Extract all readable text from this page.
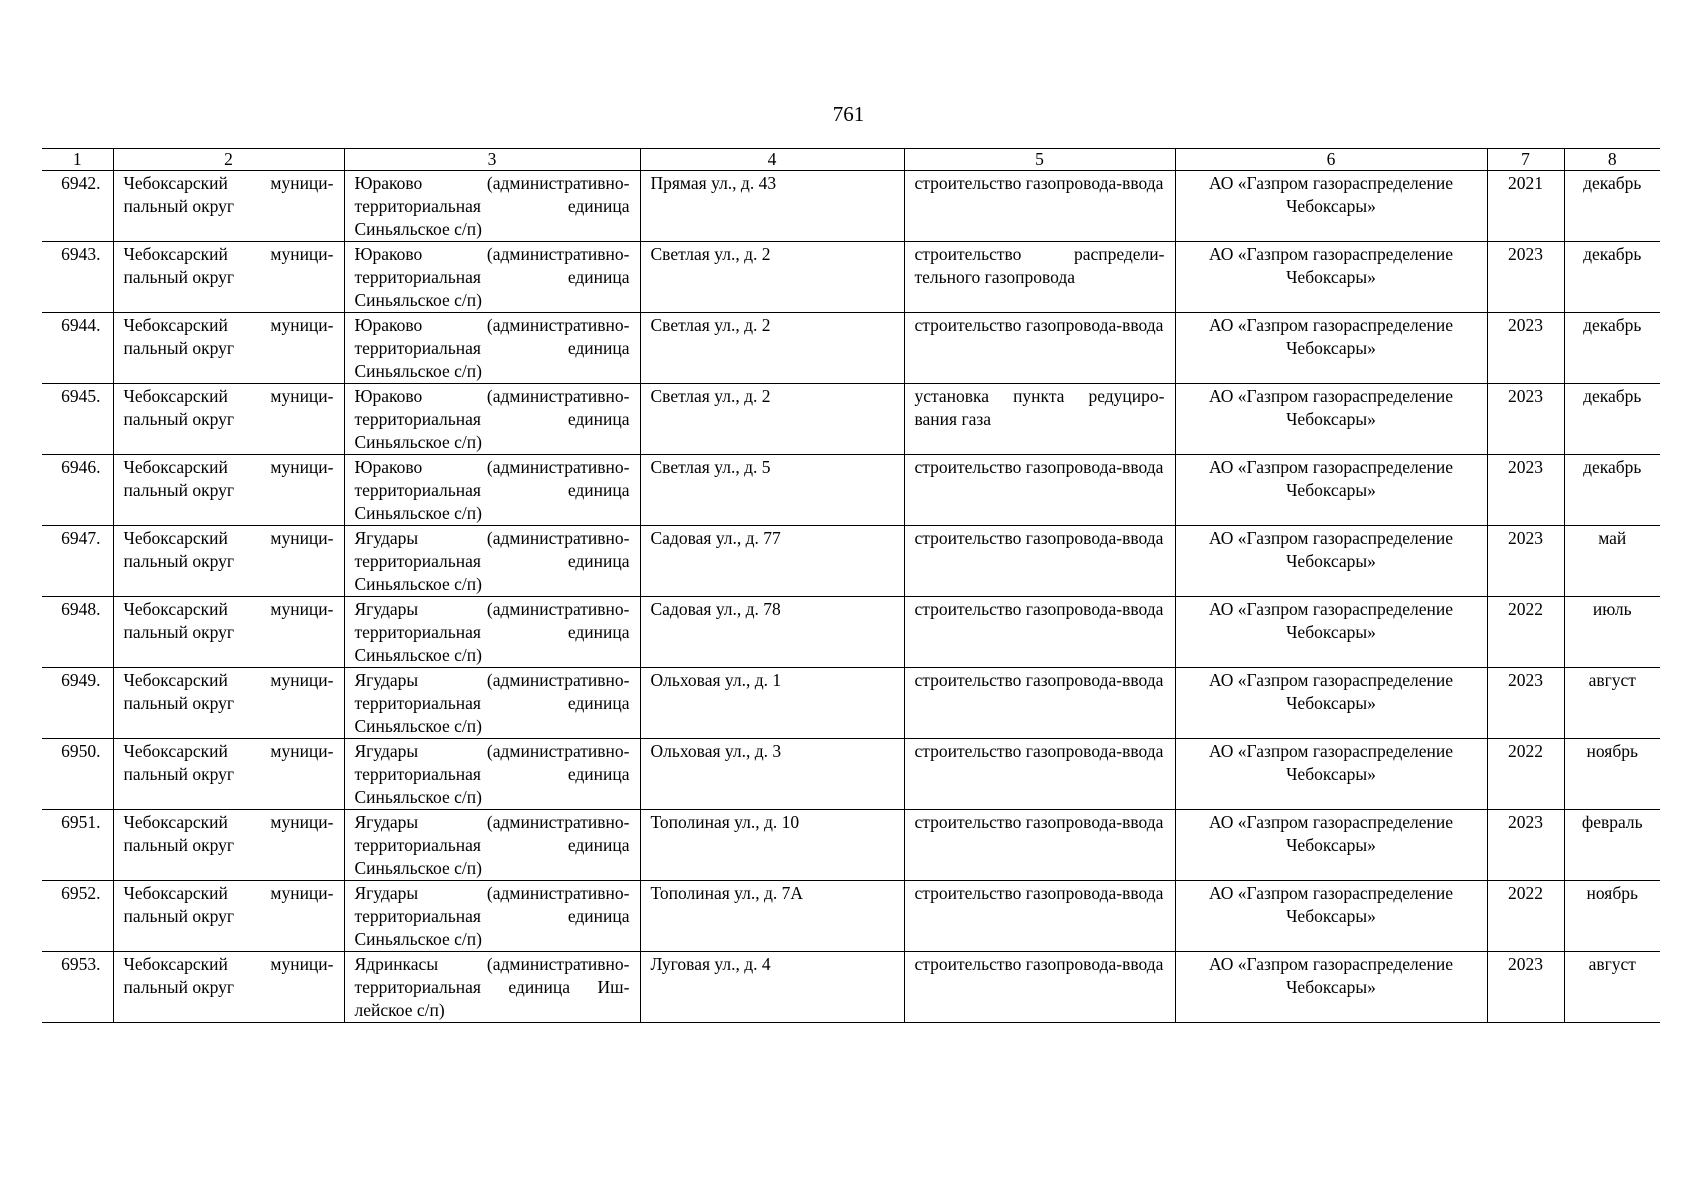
761
1	2	3	4	5	6	7	8
6942.	Чебоксарский муници-пальный округ	Юраково (административно-территориальная единица Синьяльское с/п)	Прямая ул., д. 43	строительство газопровода-ввода	АО «Газпром газораспределение Чебоксары»	2021	декабрь
6943.	Чебоксарский муници-пальный округ	Юраково (административно-территориальная единица Синьяльское с/п)	Светлая ул., д. 2	строительство распредели-тельного газопровода	АО «Газпром газораспределение Чебоксары»	2023	декабрь
6944.	Чебоксарский муници-пальный округ	Юраково (административно-территориальная единица Синьяльское с/п)	Светлая ул., д. 2	строительство газопровода-ввода	АО «Газпром газораспределение Чебоксары»	2023	декабрь
6945.	Чебоксарский муници-пальный округ	Юраково (административно-территориальная единица Синьяльское с/п)	Светлая ул., д. 2	установка пункта редуциро-вания газа	АО «Газпром газораспределение Чебоксары»	2023	декабрь
6946.	Чебоксарский муници-пальный округ	Юраково (административно-территориальная единица Синьяльское с/п)	Светлая ул., д. 5	строительство газопровода-ввода	АО «Газпром газораспределение Чебоксары»	2023	декабрь
6947.	Чебоксарский муници-пальный округ	Ягудары (административно-территориальная единица Синьяльское с/п)	Садовая ул., д. 77	строительство газопровода-ввода	АО «Газпром газораспределение Чебоксары»	2023	май
6948.	Чебоксарский муници-пальный округ	Ягудары (административно-территориальная единица Синьяльское с/п)	Садовая ул., д. 78	строительство газопровода-ввода	АО «Газпром газораспределение Чебоксары»	2022	июль
6949.	Чебоксарский муници-пальный округ	Ягудары (административно-территориальная единица Синьяльское с/п)	Ольховая ул., д. 1	строительство газопровода-ввода	АО «Газпром газораспределение Чебоксары»	2023	август
6950.	Чебоксарский муници-пальный округ	Ягудары (административно-территориальная единица Синьяльское с/п)	Ольховая ул., д. 3	строительство газопровода-ввода	АО «Газпром газораспределение Чебоксары»	2022	ноябрь
6951.	Чебоксарский муници-пальный округ	Ягудары (административно-территориальная единица Синьяльское с/п)	Тополиная ул., д. 10	строительство газопровода-ввода	АО «Газпром газораспределение Чебоксары»	2023	февраль
6952.	Чебоксарский муници-пальный округ	Ягудары (административно-территориальная единица Синьяльское с/п)	Тополиная ул., д. 7А	строительство газопровода-ввода	АО «Газпром газораспределение Чебоксары»	2022	ноябрь
6953.	Чебоксарский муници-пальный округ	Ядринкасы (административно-территориальная единица Иш-лейское с/п)	Луговая ул., д. 4	строительство газопровода-ввода	АО «Газпром газораспределение Чебоксары»	2023	август
